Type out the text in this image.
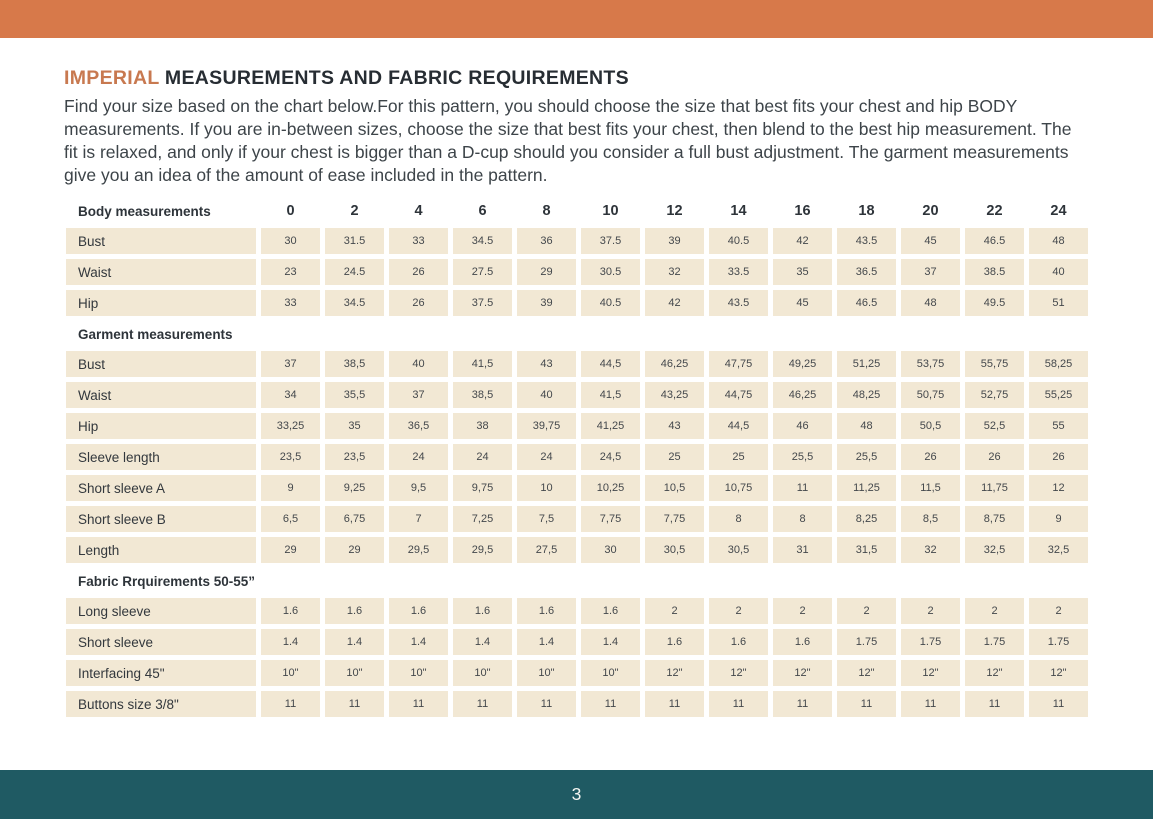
IMPERIAL MEASUREMENTS AND FABRIC REQUIREMENTS

Find your size based on the chart below.For this pattern, you should choose the size that best fits your chest and hip BODY measurements. If you are in-between sizes, choose the size that best fits your chest, then blend to the best hip measurement. The fit is relaxed, and only if your chest is bigger than a D-cup should you consider a full bust adjustment. The garment measurements give you an idea of the amount of ease included in the pattern.

Body measurements	0	2	4	6	8	10	12	14	16	18	20	22	24
Bust	30	31.5	33	34.5	36	37.5	39	40.5	42	43.5	45	46.5	48
Waist	23	24.5	26	27.5	29	30.5	32	33.5	35	36.5	37	38.5	40
Hip	33	34.5	26	37.5	39	40.5	42	43.5	45	46.5	48	49.5	51
Garment measurements
Bust	37	38,5	40	41,5	43	44,5	46,25	47,75	49,25	51,25	53,75	55,75	58,25
Waist	34	35,5	37	38,5	40	41,5	43,25	44,75	46,25	48,25	50,75	52,75	55,25
Hip	33,25	35	36,5	38	39,75	41,25	43	44,5	46	48	50,5	52,5	55
Sleeve length	23,5	23,5	24	24	24	24,5	25	25	25,5	25,5	26	26	26
Short sleeve A	9	9,25	9,5	9,75	10	10,25	10,5	10,75	11	11,25	11,5	11,75	12
Short sleeve B	6,5	6,75	7	7,25	7,5	7,75	7,75	8	8	8,25	8,5	8,75	9
Length	29	29	29,5	29,5	27,5	30	30,5	30,5	31	31,5	32	32,5	32,5
Fabric Rrquirements 50-55”
Long sleeve	1.6	1.6	1.6	1.6	1.6	1.6	2	2	2	2	2	2	2
Short sleeve	1.4	1.4	1.4	1.4	1.4	1.4	1.6	1.6	1.6	1.75	1.75	1.75	1.75
Interfacing 45"	10"	10"	10"	10"	10"	10"	12"	12"	12"	12"	12"	12"	12"
Buttons size 3/8"	11	11	11	11	11	11	11	11	11	11	11	11	11
3
